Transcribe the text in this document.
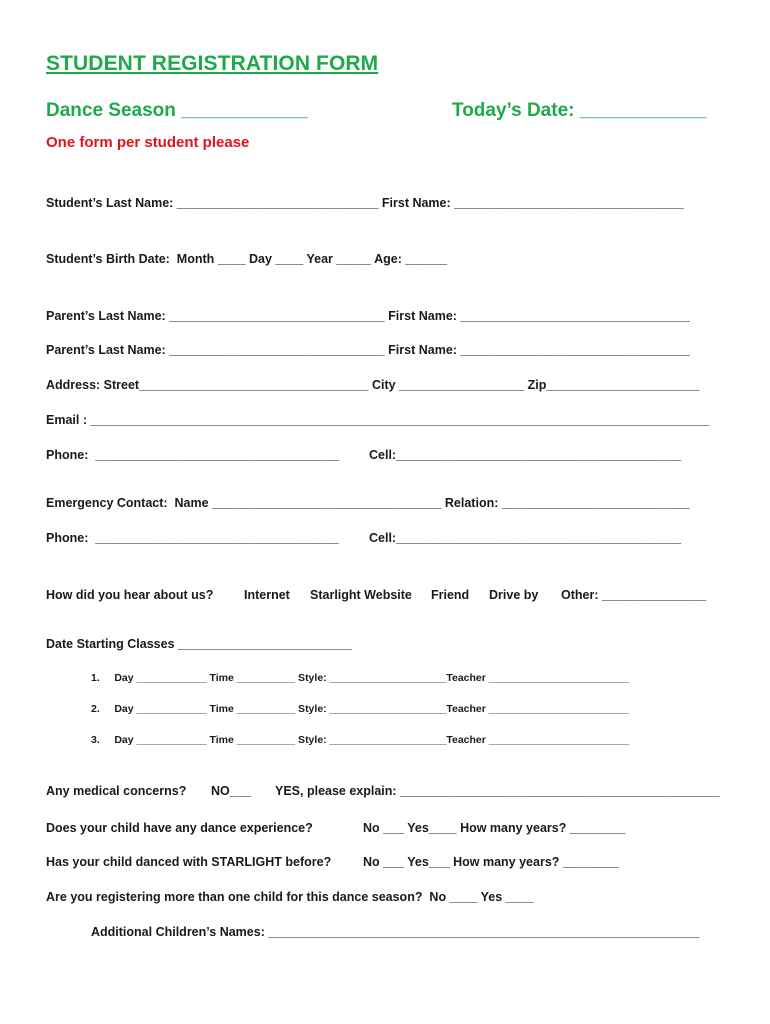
STUDENT REGISTRATION FORM
Dance Season ____________	Today’s Date: ____________
One form per student please
Student’s Last Name: _____________________________ First Name: _________________________________
Student’s Birth Date:  Month ____ Day ____ Year _____ Age: ______
Parent’s Last Name: _______________________________ First Name: _________________________________
Parent’s Last Name: _______________________________ First Name: _________________________________
Address: Street_________________________________ City __________________ Zip______________________
Email : _________________________________________________________________________________________
Phone:  ___________________________________ Cell:_________________________________________
Emergency Contact:  Name _________________________________ Relation: ___________________________
Phone:  ___________________________________ Cell:_________________________________________
How did you hear about us? Internet Starlight Website Friend Drive by Other: _______________
Date Starting Classes _________________________
1.     Day ____________ Time __________ Style: ____________________Teacher ________________________
2.     Day ____________ Time __________ Style: ____________________Teacher ________________________
3.     Day ____________ Time __________ Style: ____________________Teacher ________________________
Any medical concerns? NO___ YES, please explain: ______________________________________________
Does your child have any dance experience?	No ___ Yes____ How many years? ________
Has your child danced with STARLIGHT before?	No ___ Yes___ How many years? ________
Are you registering more than one child for this dance season?  No ____ Yes ____
Additional Children’s Names: ______________________________________________________________
